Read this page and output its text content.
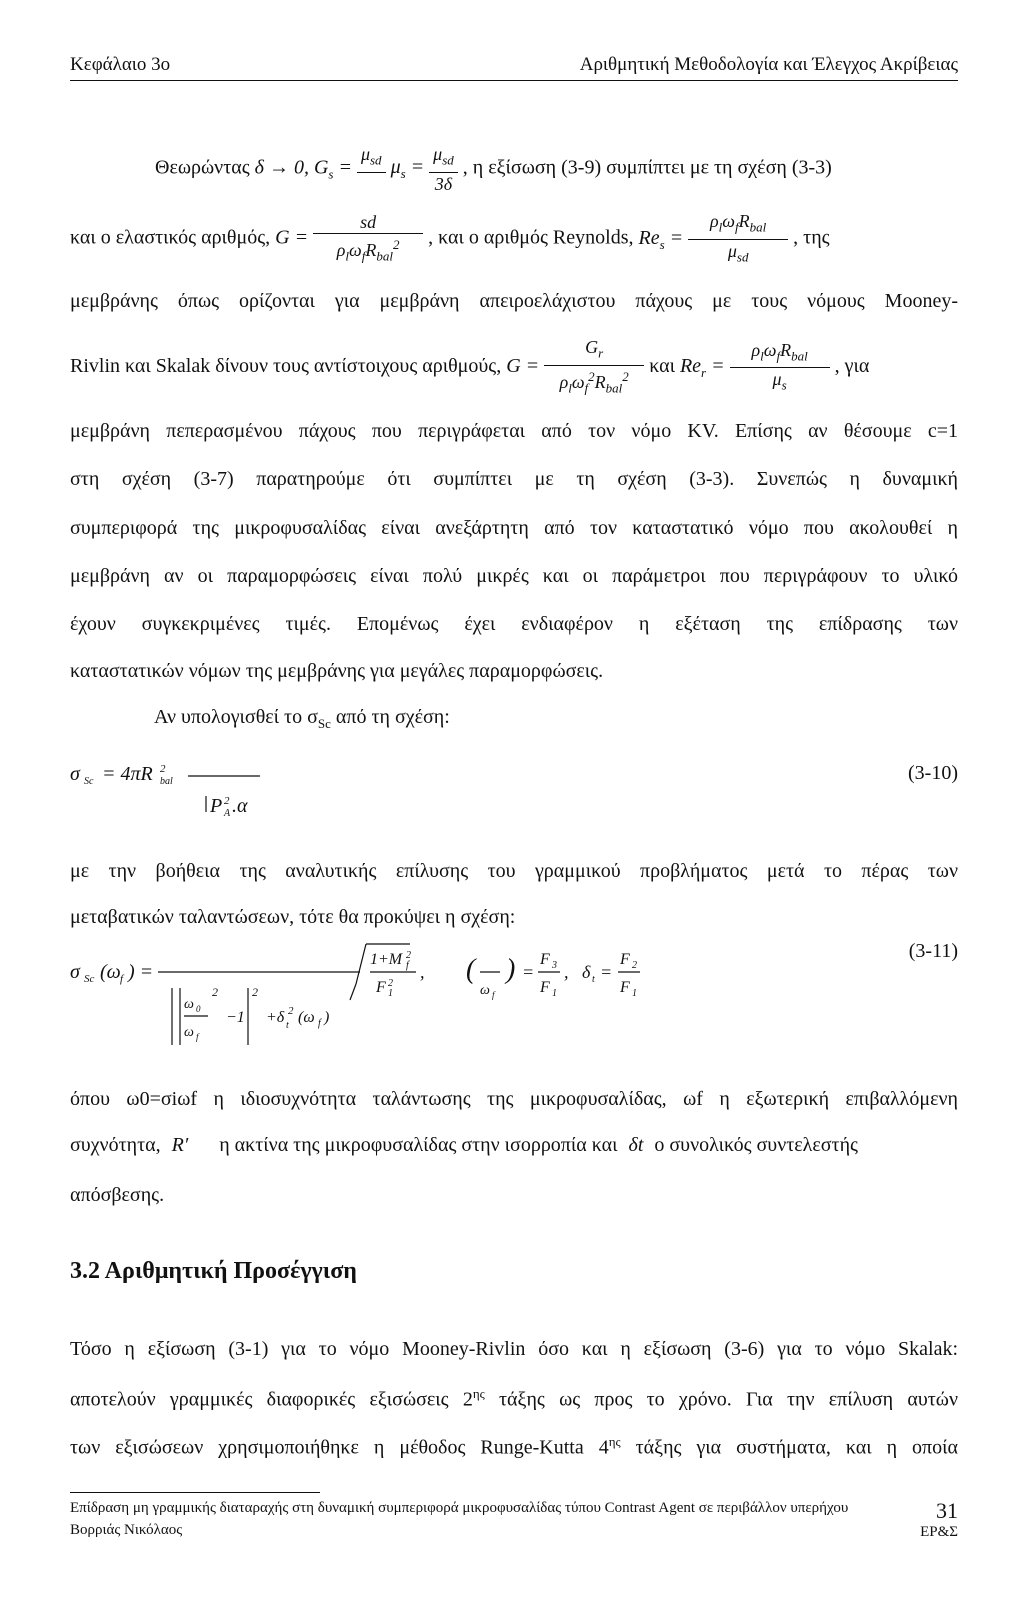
Κεφάλαιο 3ο	Αριθμητική Μεθοδολογία και Έλεγχος Ακρίβειας
Θεωρώντας δ → 0, $G_s$ =
$\mu_{sd}$
$\mu_s = \frac{\mu_{sd}}{3\delta}$ , η εξίσωση (3-9) συμπίπτει με τη σχέση (3-3)
και ο ελαστικός αριθμός, $G = \frac{sd}{\rho_l\omega_fR_{bal}^2}$ , και ο αριθμός Reynolds, $Re_s = \frac{\rho_l\omega_fR_{bal}}{\mu_{sd}}$ , της
μεμβράνης όπως ορίζονται για μεμβράνη απειροελάχιστου πάχους με τους νόμους Mooney-
Rivlin και Skalak δίνουν τους αντίστοιχους αριθμούς, $G = \frac{G_r}{\rho_l\omega_f^2R_{bal}^2}$ και $Re_r = \frac{\rho_l\omega_fR_{bal}}{\mu_s}$ , για
μεμβράνη πεπερασμένου πάχους που περιγράφεται από τον νόμο KV. Επίσης αν θέσουμε c=1
στη σχέση (3-7) παρατηρούμε ότι συμπίπτει με τη σχέση (3-3). Συνεπώς η δυναμική
συμπεριφορά της μικροφυσαλίδας είναι ανεξάρτητη από τον καταστατικό νόμο που ακολουθεί η
μεμβράνη αν οι παραμορφώσεις είναι πολύ μικρές και οι παράμετροι που περιγράφουν το υλικό
έχουν συγκεκριμένες τιμές. Επομένως έχει ενδιαφέρον η εξέταση της επίδρασης των
καταστατικών νόμων της μεμβράνης για μεγάλες παραμορφώσεις.
Αν υπολογισθεί το $\sigma_{Sc}$ από τη σχέση:
σ Sc = 4πR 2
bal
P 2
A .α
(3-10)
με την βοήθεια της αναλυτικής επίλυσης του γραμμικού προβλήματος μετά το πέρας των
μεταβατικών ταλαντώσεων, τότε θα προκύψει η σχέση:
σ Sc (ω f ) =
ω 0
ω f
2
−1
2
+δ 2
t (ω f )
1+M 2
f
F 2
1
, (
ω f
) =
F 3
F 1
, δ t =
F 2
F 1
(3-11)
όπου ω0=σiωf η ιδιοσυχνότητα ταλάντωσης της μικροφυσαλίδας, ωf η εξωτερική επιβαλλόμενη
συχνότητα, R′ η ακτίνα της μικροφυσαλίδας στην ισορροπία και δt ο συνολικός συντελεστής
απόσβεσης.
3.2 Αριθμητική Προσέγγιση
Τόσο η εξίσωση (3-1) για το νόμο Mooney-Rivlin όσο και η εξίσωση (3-6) για το νόμο Skalak:
αποτελούν γραμμικές διαφορικές εξισώσεις $2^{\eta\varsigma}$ τάξης ως προς το χρόνο. Για την επίλυση αυτών
των εξισώσεων χρησιμοποιήθηκε η μέθοδος Runge-Kutta $4^{\eta\varsigma}$ τάξης για συστήματα, και η οποία
Επίδραση μη γραμμικής διαταραχής στη δυναμική συμπεριφορά μικροφυσαλίδας τύπου Contrast Agent σε περιβάλλον υπερήχου
Βορριάς Νικόλαος
31
ΕΡ&Σ
